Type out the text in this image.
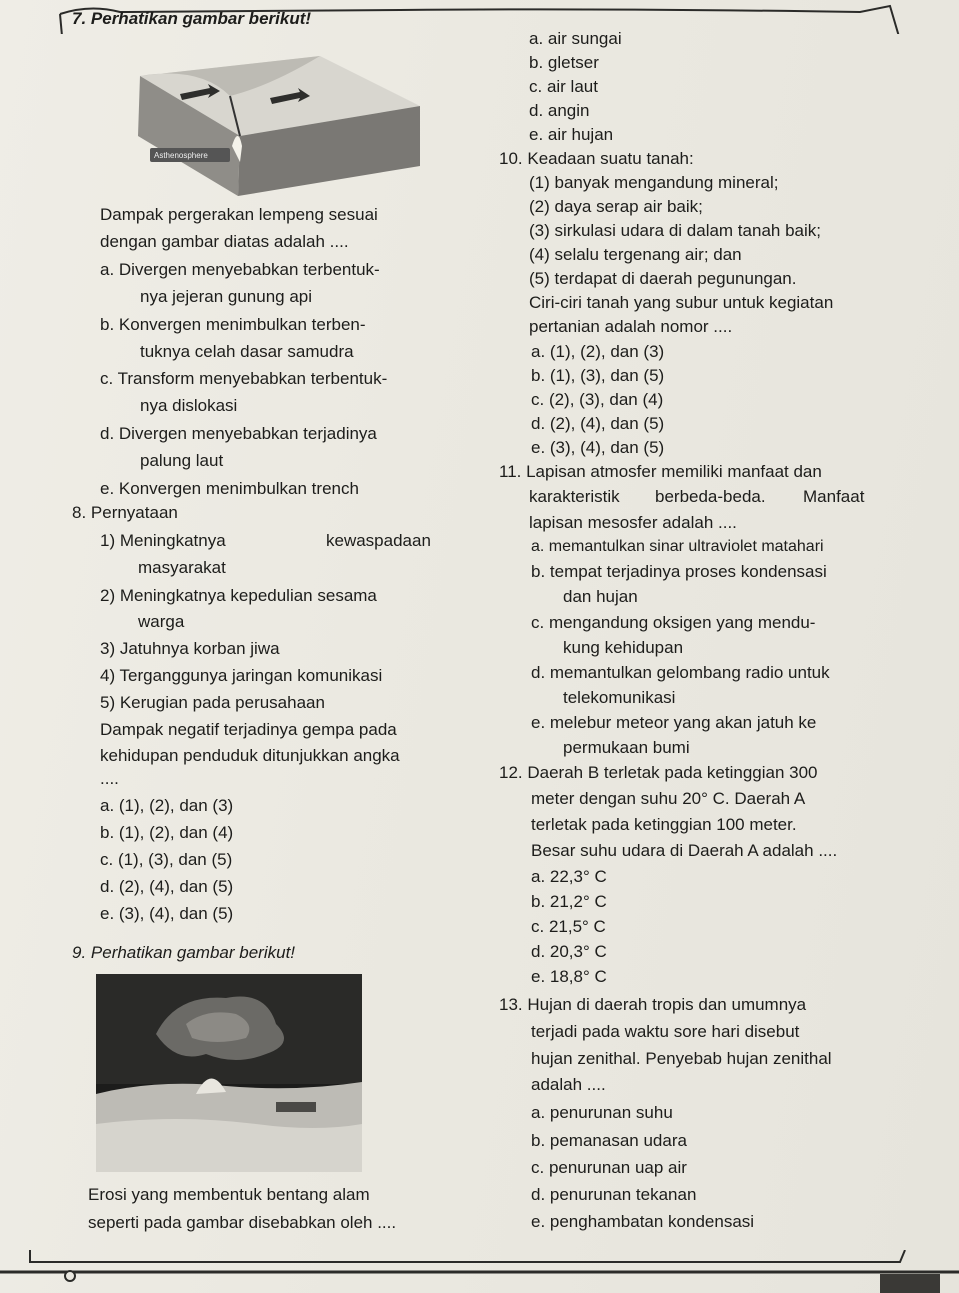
Asthenosphere
7. Perhatikan gambar berikut!
Dampak pergerakan lempeng sesuai
dengan gambar diatas adalah ....
a. Divergen menyebabkan terbentuk-
nya jejeran gunung api
b. Konvergen menimbulkan terben-
tuknya celah dasar samudra
c. Transform menyebabkan terbentuk-
nya dislokasi
d. Divergen menyebabkan terjadinya
palung laut
e. Konvergen menimbulkan trench
8. Pernyataan
1) Meningkatnya	kewaspadaan
masyarakat
2) Meningkatnya kepedulian sesama
warga
3) Jatuhnya korban jiwa
4) Terganggunya jaringan komunikasi
5) Kerugian pada perusahaan
Dampak negatif terjadinya gempa pada
kehidupan penduduk ditunjukkan angka
....
a. (1), (2), dan (3)
b. (1), (2), dan (4)
c. (1), (3), dan (5)
d. (2), (4), dan (5)
e. (3), (4), dan (5)
9. Perhatikan gambar berikut!
Erosi yang membentuk bentang alam
seperti pada gambar disebabkan oleh ....
a. air sungai
b. gletser
c. air laut
d. angin
e. air hujan
10. Keadaan suatu tanah:
(1) banyak mengandung mineral;
(2) daya serap air baik;
(3) sirkulasi udara di dalam tanah baik;
(4) selalu tergenang air; dan
(5) terdapat di daerah pegunungan.
Ciri-ciri tanah yang subur untuk kegiatan
pertanian adalah nomor ....
a. (1), (2), dan (3)
b. (1), (3), dan (5)
c. (2), (3), dan (4)
d. (2), (4), dan (5)
e. (3), (4), dan (5)
11. Lapisan atmosfer memiliki manfaat dan
karakteristik berbeda-beda. Manfaat
lapisan mesosfer adalah ....
a. memantulkan sinar ultraviolet matahari
b. tempat terjadinya proses kondensasi
dan hujan
c. mengandung oksigen yang mendu-
kung kehidupan
d. memantulkan gelombang radio untuk
telekomunikasi
e. melebur meteor yang akan jatuh ke
permukaan bumi
12. Daerah B terletak pada ketinggian 300
meter dengan suhu 20° C. Daerah A
terletak pada ketinggian 100 meter.
Besar suhu udara di Daerah A adalah ....
a. 22,3° C
b. 21,2° C
c. 21,5° C
d. 20,3° C
e. 18,8° C
13. Hujan di daerah tropis dan umumnya
terjadi pada waktu sore hari disebut
hujan zenithal. Penyebab hujan zenithal
adalah ....
a. penurunan suhu
b. pemanasan udara
c. penurunan uap air
d. penurunan tekanan
e. penghambatan kondensasi
